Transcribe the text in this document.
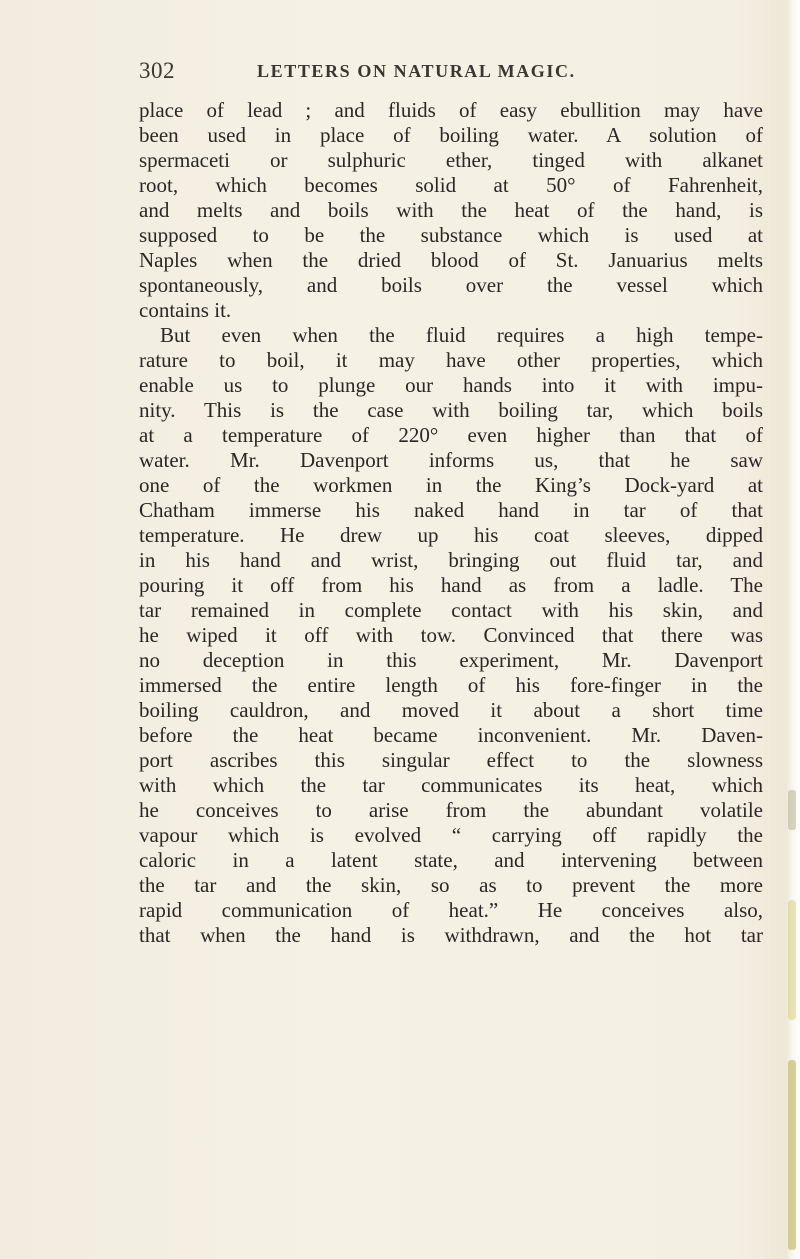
302	LETTERS ON NATURAL MAGIC.
place of lead ; and fluids of easy ebullition may have
been used in place of boiling water. A solution of
spermaceti or sulphuric ether, tinged with alkanet
root, which becomes solid at 50° of Fahrenheit,
and melts and boils with the heat of the hand, is
supposed to be the substance which is used at
Naples when the dried blood of St. Januarius melts
spontaneously, and boils over the vessel which
contains it.
But even when the fluid requires a high tempe-
rature to boil, it may have other properties, which
enable us to plunge our hands into it with impu-
nity. This is the case with boiling tar, which boils
at a temperature of 220° even higher than that of
water. Mr. Davenport informs us, that he saw
one of the workmen in the King’s Dock-yard at
Chatham immerse his naked hand in tar of that
temperature. He drew up his coat sleeves, dipped
in his hand and wrist, bringing out fluid tar, and
pouring it off from his hand as from a ladle. The
tar remained in complete contact with his skin, and
he wiped it off with tow. Convinced that there was
no deception in this experiment, Mr. Davenport
immersed the entire length of his fore-finger in the
boiling cauldron, and moved it about a short time
before the heat became inconvenient. Mr. Daven-
port ascribes this singular effect to the slowness
with which the tar communicates its heat, which
he conceives to arise from the abundant volatile
vapour which is evolved “ carrying off rapidly the
caloric in a latent state, and intervening between
the tar and the skin, so as to prevent the more
rapid communication of heat.” He conceives also,
that when the hand is withdrawn, and the hot tar
